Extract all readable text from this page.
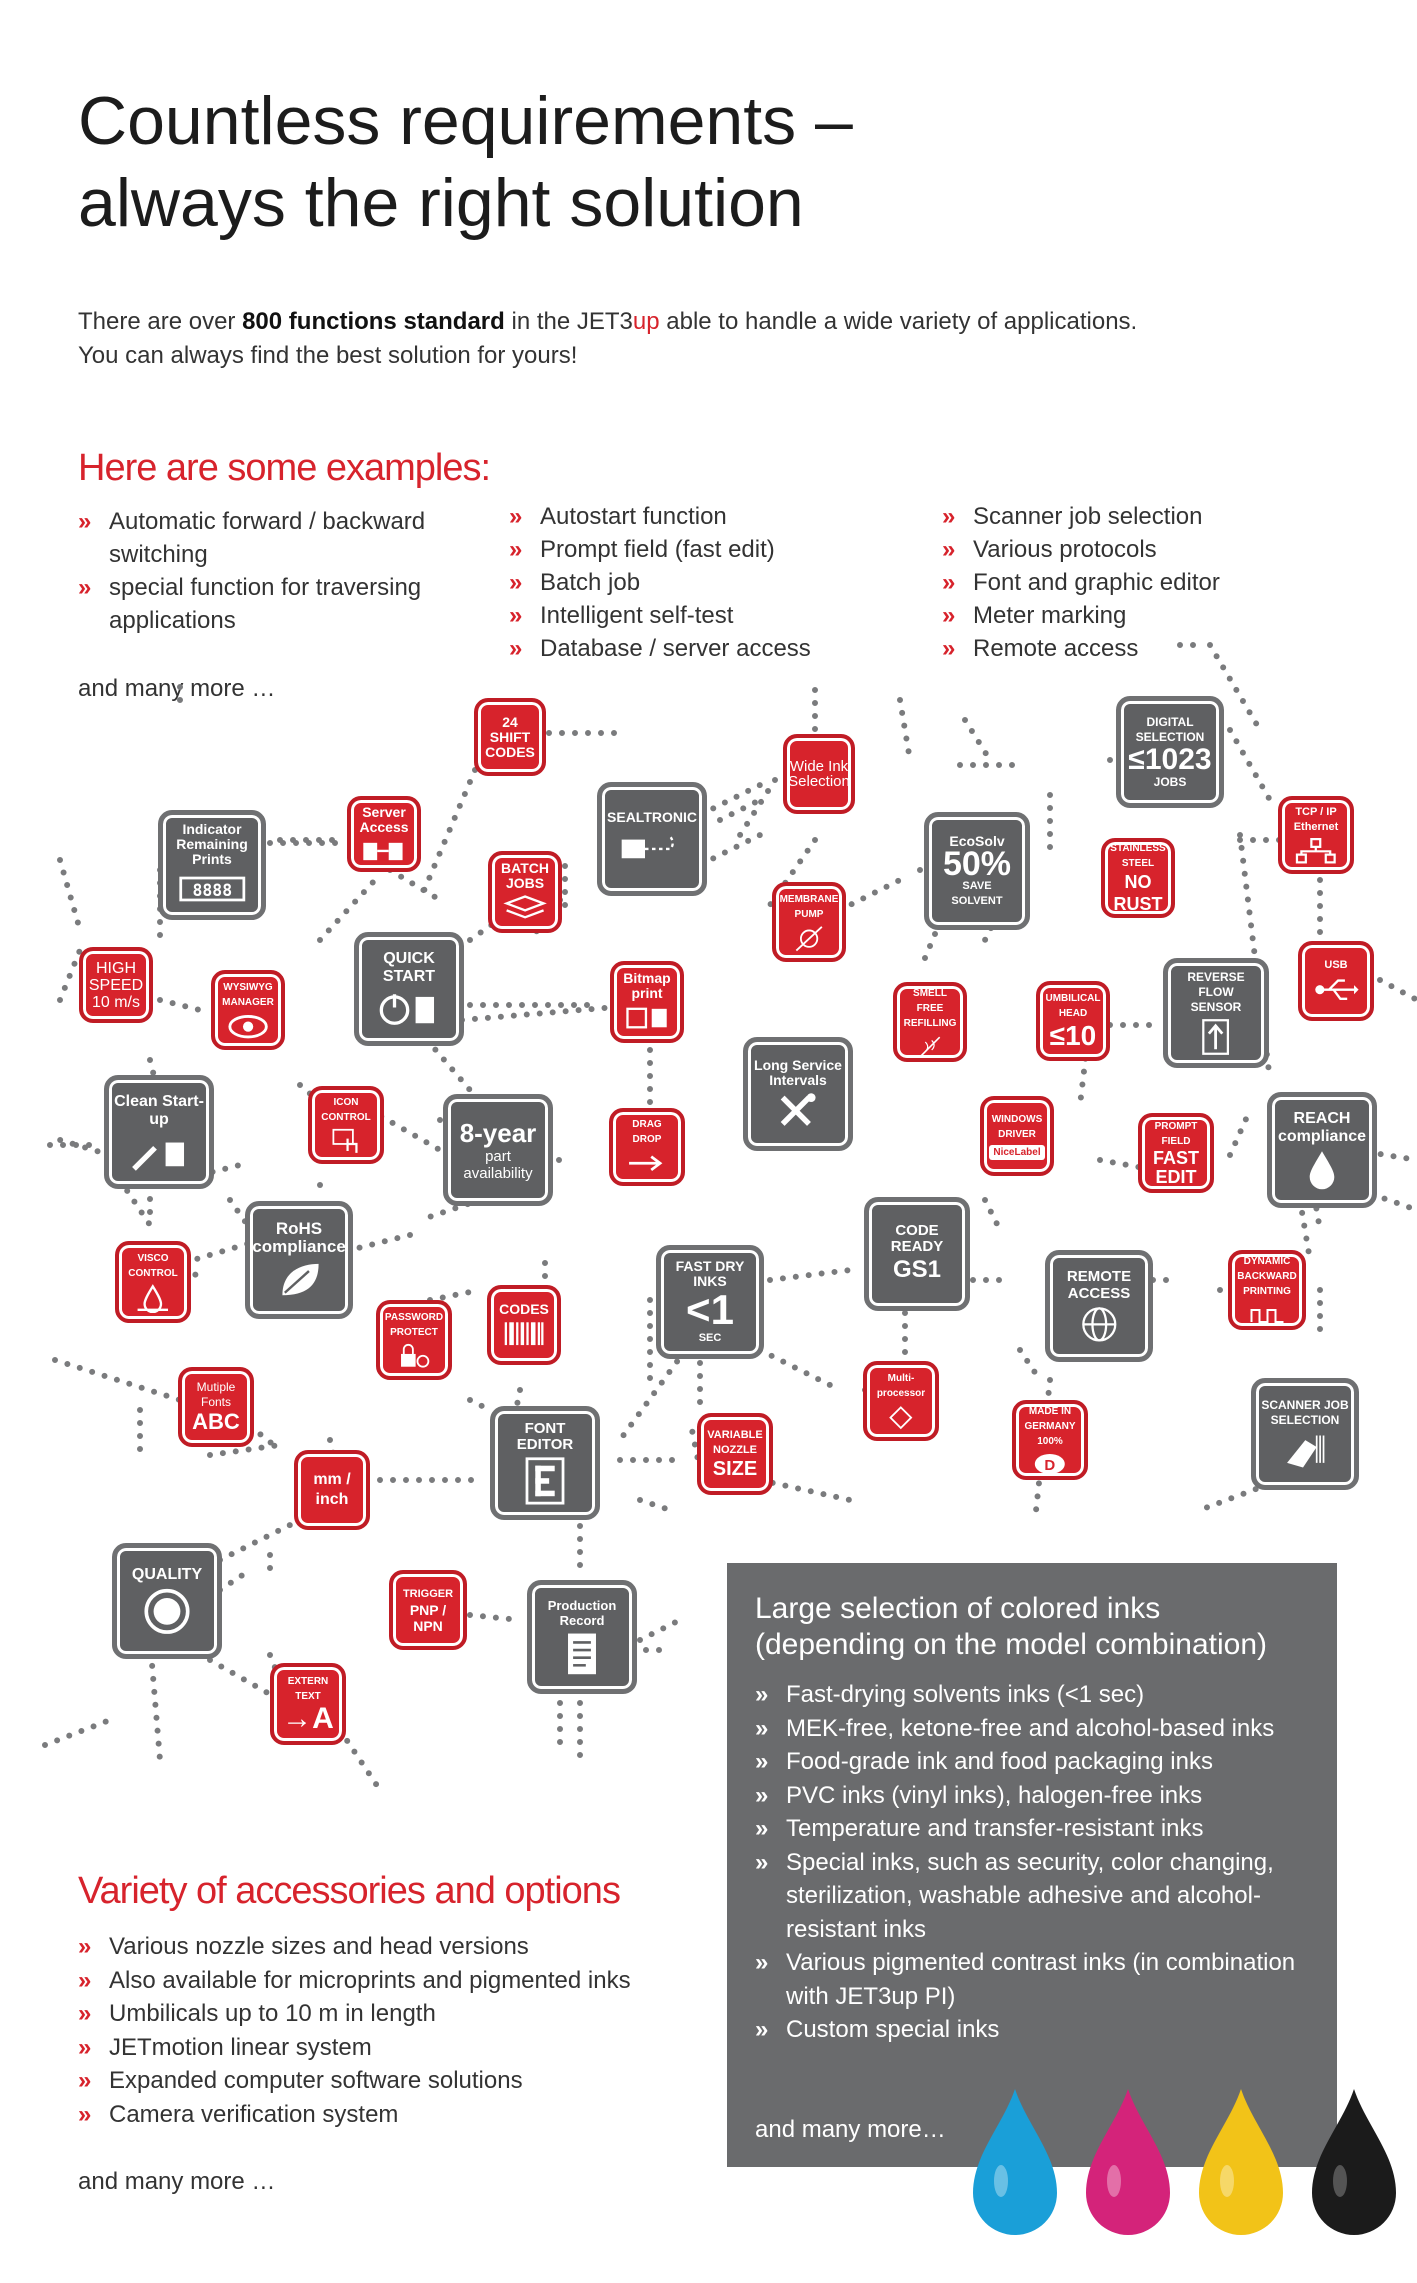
Countless requirements –
always the right solution
There are over 800 functions standard in the JET3up able to handle a wide variety of applications.
You can always find the best solution for yours!
Here are some examples:
» Automatic forward / backward switching
» special function for traversing applications
» Autostart function
» Prompt field (fast edit)
» Batch job
» Intelligent self-test
» Database / server access
» Scanner job selection
» Various protocols
» Font and graphic editor
» Meter marking
» Remote access
and many more …
24 SHIFT CODES
Wide Ink Selection
DIGITAL SELECTION
≤1023
JOBS
Indicator Remaining Prints
8888
Server Access
SEALTRONIC
EcoSolv
50%
SAVE
SOLVENT
TCP / IP Ethernet
STAINLESS STEEL
NO RUST
BATCH JOBS
MEMBRANE PUMP
HIGH SPEED 10 m/s
WYSIWYG MANAGER
QUICK START	Bitmap print	SMELL FREE REFILLING
UMBILICAL HEAD
≤10
REVERSE FLOW SENSOR
USB
Clean Start-up
ICON CONTROL
8-year
part availability
DRAG DROP
Long Service Intervals
WINDOWS DRIVER
NiceLabel
PROMPT FIELD
FAST EDIT
REACH compliance
VISCO CONTROL
RoHS compliance
CODE READY
GS1
FAST DRY INKS
<1
SEC
REMOTE ACCESS
DYNAMIC BACKWARD PRINTING
PASSWORD PROTECT
CODES
Mutiple Fonts
ABC
Multi-processor
MADE IN GERMANY 100%
D
SCANNER JOB SELECTION
FONT EDITOR
VARIABLE NOZZLE
SIZE
mm / inch
QUALITY
TRIGGER
PNP / NPN
Production Record
EXTERN TEXT
→A
Large selection of colored inks
(depending on the model combination)
» Fast-drying solvents inks (<1 sec)
» MEK-free, ketone-free and alcohol-based inks
» Food-grade ink and food packaging inks
» PVC inks (vinyl inks), halogen-free inks
» Temperature and transfer-resistant inks
» Special inks, such as security, color changing, sterilization, washable adhesive and alcohol-resistant inks
» Various pigmented contrast inks (in combination with JET3up PI)
» Custom special inks
and many more…
Variety of accessories and options
» Various nozzle sizes and head versions
» Also available for microprints and pigmented inks
» Umbilicals up to 10 m in length
» JETmotion linear system
» Expanded computer software solutions
» Camera verification system
and many more …
